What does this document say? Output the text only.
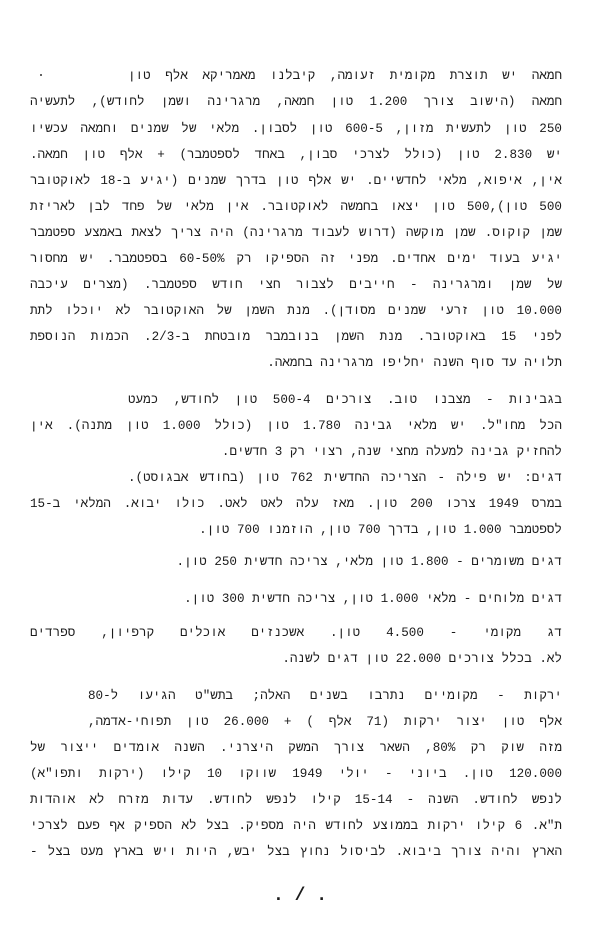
חמאה יש תוצרת מקומית זעומה, קיבלנו מאמריקא אלף טון
חמאה (הישוב צורך 1.200 טון חמאה, מרגרינה ושמן לחודש), לתעשיה
250 טון לתעשית מזון, 600-5 טון לסבון. מלאי של שמנים וחמאה עכשיו
יש 2.830 טון (כולל לצרכי סבון, באחד לספטמבר) + אלף טון חמאה.
אין, איפוא, מלאי לחדשיים. יש אלף טון בדרך שמנים (יגיע ב-18 לאוקטובר
500 טון),500 טון יצאו בחמשה לאוקטובר. אין מלאי של פחד לבן לאריזת
שמן קוקוס. שמן מוקשה (דרוש לעבוד מרגרינה) היה צריך לצאת באמצע ספטמבר
יגיע בעוד ימים אחדים. מפני זה הספיקו רק 50%-60 בספטמבר. יש מחסור
של שמן ומרגרינה - חייבים לצבור חצי חודש ספטמבר. (מצרים עיכבה
10.000 טון זרעי שמנים מסודן). מנת השמן של האוקטובר לא יוכלו לתת
לפני 15 באוקטובר. מנת השמן בנובמבר מובטחת ב-2/3. הכמות הנוספת
תלויה עד סוף השנה יחליפו מרגרינה בחמאה.
בגבינות - מצבנו טוב. צורכים 500-4 טון לחודש, כמעט
הכל מחו"ל. יש מלאי גבינה 1.780 טון (כולל 1.000 טון מתנה). אין
להחזיק גבינה למעלה מחצי שנה, רצוי רק 3 חדשים.
דגים: יש פילה - הצריכה החדשית 762 טון (בחודש אבגוסט).
במרס 1949 צרכו 200 טון. מאז עלה לאט לאט. כולו יבוא. המלאי ב-15
לספטמבר 1.000 טון, בדרך 700 טון, הוזמנו 700 טון.
דגים משומרים - 1.800 טון מלאי, צריכה חדשית 250 טון.
דגים מלוחים - מלאי 1.000 טון, צריכה חדשית 300 טון.
דג מקומי - 4.500 טון. אשכנזים אוכלים קרפיון, ספרדים
לא. בכלל צורכים 22.000 טון דגים לשנה.
ירקות - מקומיים נתרבו בשנים האלה; בתש"ט הגיעו ל-80
אלף טון יצור ירקות (71 אלף ) + 26.000 טון תפוחי-אדמה,
מזה שוק רק 80%, השאר צורך המשק היצרני. השנה אומדים ייצור של
120.000 טון. ביוני - יולי 1949 שווקו 10 קילו (ירקות ותפו"א)
לנפש לחודש. השנה - 15-14 קילו לנפש לחודש. עדות מזרח לא אוהדות
ת"א. 6 קילו ירקות בממוצע לחודש היה מספיק. בצל לא הספיק אף פעם לצרכי
הארץ והיה צורך ביבוא. לביסול נחוץ בצל יבש, היות ויש בארץ מעט בצל -
. / .
